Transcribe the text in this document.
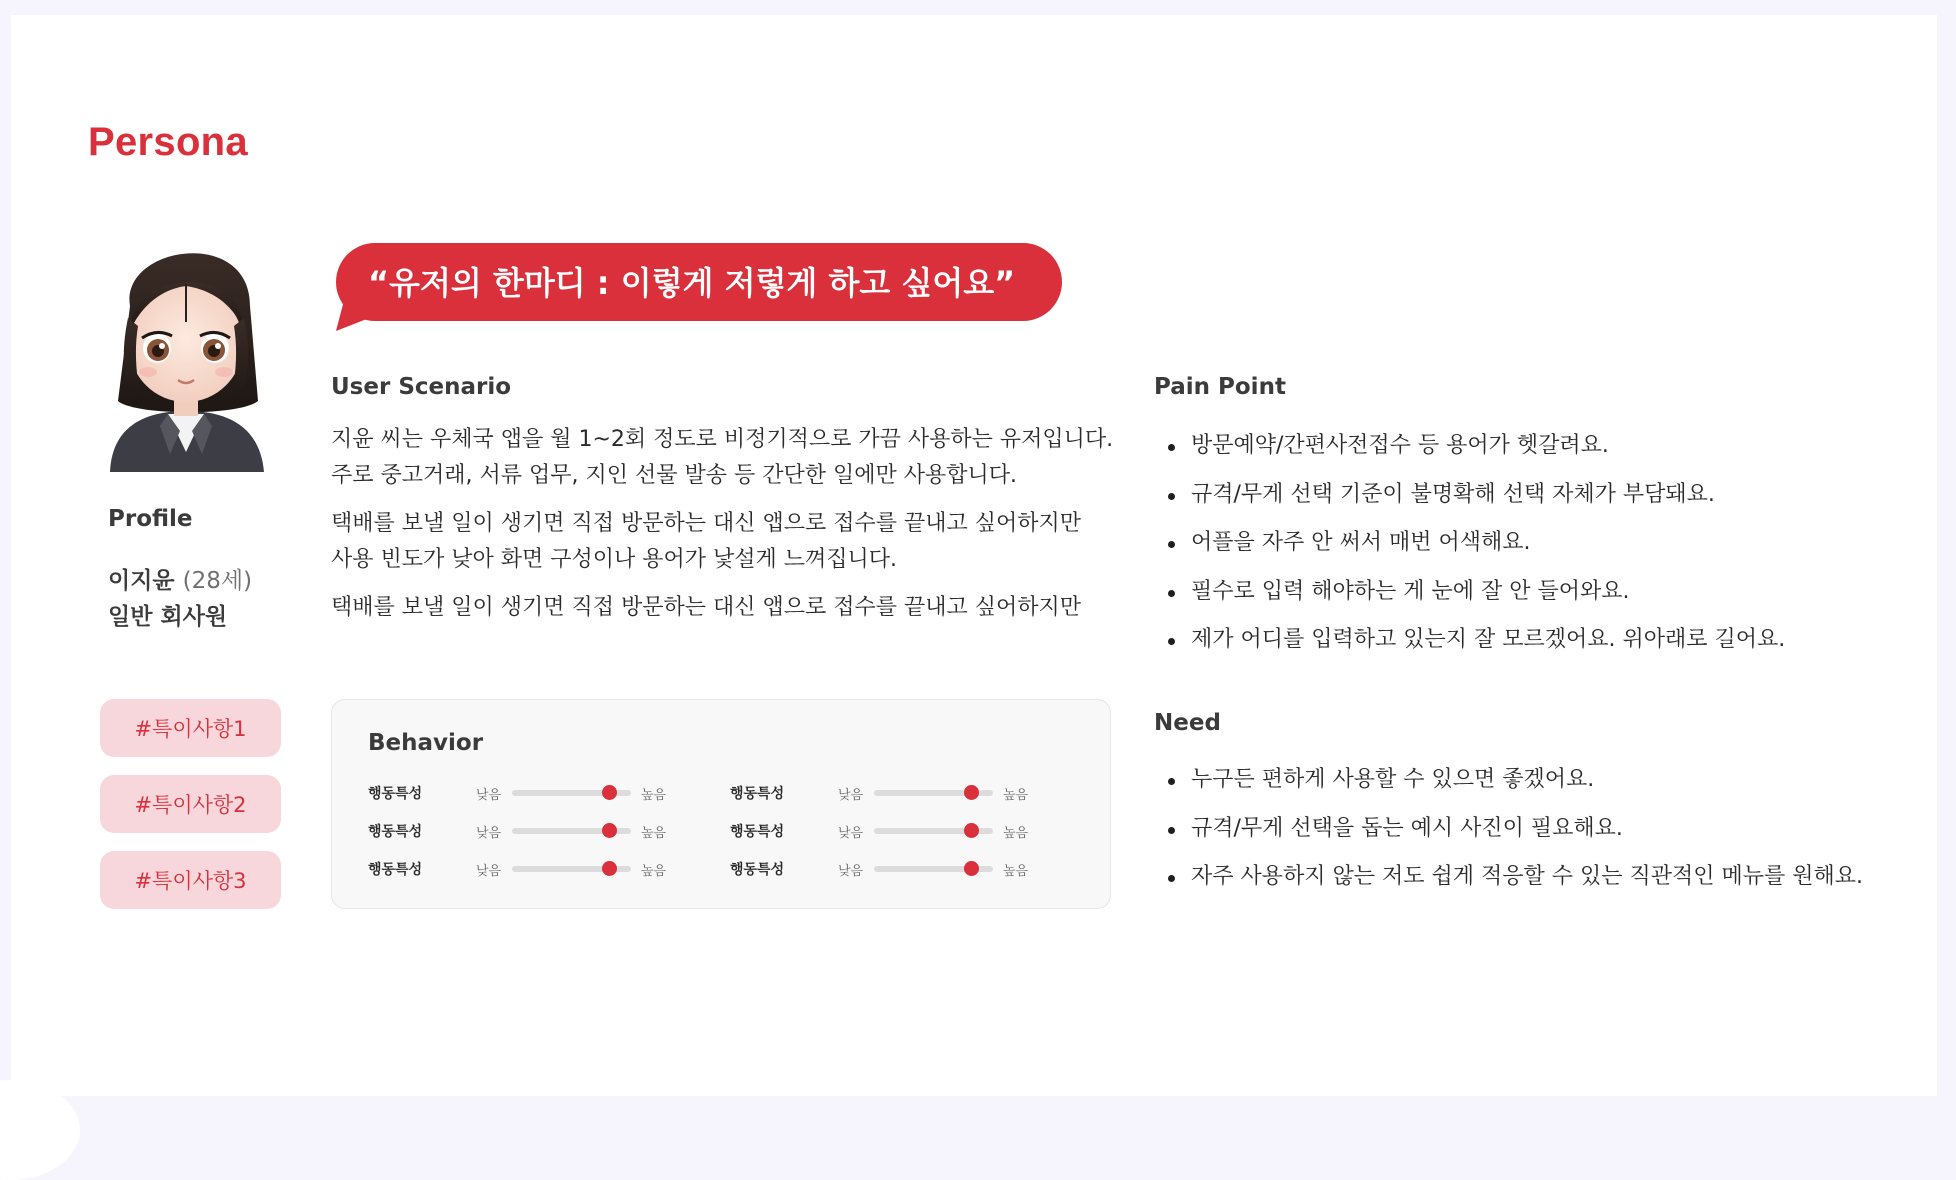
Persona
Profile
이지윤 (28세)
일반 회사원
#특이사항1
#특이사항2
#특이사항3
“유저의 한마디 : 이렇게 저렇게 하고 싶어요”
User Scenario

지윤 씨는 우체국 앱을 월 1~2회 정도로 비정기적으로 가끔 사용하는 유저입니다.
주로 중고거래, 서류 업무, 지인 선물 발송 등 간단한 일에만 사용합니다.

택배를 보낼 일이 생기면 직접 방문하는 대신 앱으로 접수를 끝내고 싶어하지만
사용 빈도가 낮아 화면 구성이나 용어가 낯설게 느껴집니다.

택배를 보낼 일이 생기면 직접 방문하는 대신 앱으로 접수를 끝내고 싶어하지만

Behavior
행동특성	낮음	높음
행동특성	낮음	높음
행동특성	낮음	높음
행동특성	낮음	높음
행동특성	낮음	높음
행동특성	낮음	높음
Pain Point
방문예약/간편사전접수 등 용어가 헷갈려요.
규격/무게 선택 기준이 불명확해 선택 자체가 부담돼요.
어플을 자주 안 써서 매번 어색해요.
필수로 입력 해야하는 게 눈에 잘 안 들어와요.
제가 어디를 입력하고 있는지 잘 모르겠어요. 위아래로 길어요.
Need
누구든 편하게 사용할 수 있으면 좋겠어요.
규격/무게 선택을 돕는 예시 사진이 필요해요.
자주 사용하지 않는 저도 쉽게 적응할 수 있는 직관적인 메뉴를 원해요.
